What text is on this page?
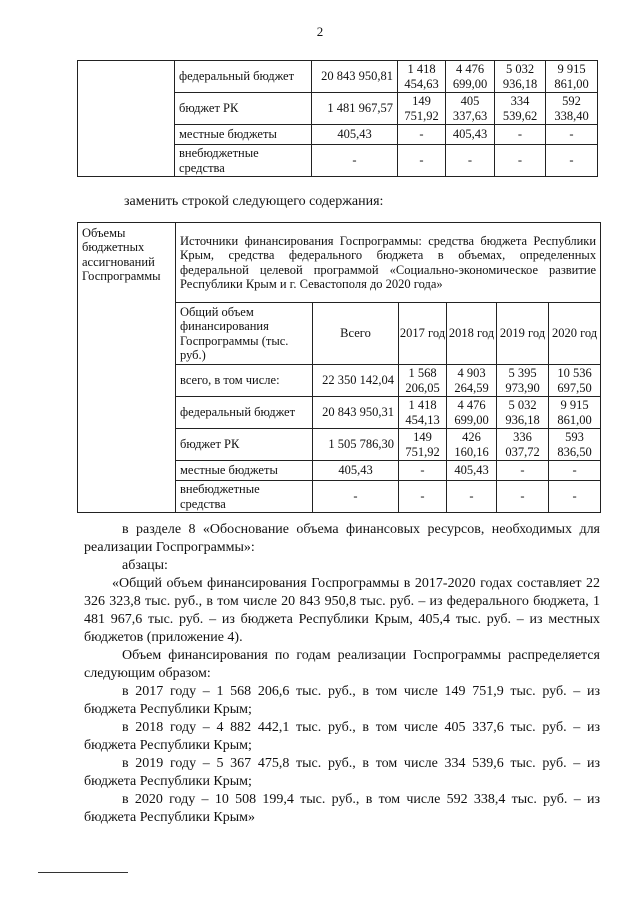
2
	федеральный бюджет	20 843 950,81	1 418 454,63	4 476 699,00	5 032 936,18	9 915 861,00
	бюджет РК	1 481 967,57	149 751,92	405 337,63	334 539,62	592 338,40
	местные бюджеты	405,43	-	405,43	-	-
	внебюджетные средства	-	-	-	-	-
заменить строкой следующего содержания:
Объемы бюджетных ассигнований Госпрограммы	Источники финансирования Госпрограммы: средства бюджета Республики Крым, средства федерального бюджета в объемах, определенных федеральной целевой программой «Социально-экономическое развитие Республики Крым и г. Севастополя до 2020 года»					
	Общий объем финансирования Госпрограммы (тыс. руб.)	Всего	2017 год	2018 год	2019 год	2020 год
	всего, в том числе:	22 350 142,04	1 568 206,05	4 903 264,59	5 395 973,90	10 536 697,50
	федеральный бюджет	20 843 950,31	1 418 454,13	4 476 699,00	5 032 936,18	9 915 861,00
	бюджет РК	1 505 786,30	149 751,92	426 160,16	336 037,72	593 836,50
	местные бюджеты	405,43	-	405,43	-	-
	внебюджетные средства	-	-	-	-	-

в разделе 8 «Обоснование объема финансовых ресурсов, необходимых для реализации Госпрограммы»:

абзацы:

«Общий объем финансирования Госпрограммы в 2017-2020 годах составляет 22 326 323,8 тыс. руб., в том числе 20 843 950,8 тыс. руб. – из федерального бюджета, 1 481 967,6 тыс. руб. – из бюджета Республики Крым, 405,4 тыс. руб. – из местных бюджетов (приложение 4).

Объем финансирования по годам реализации Госпрограммы распределяется следующим образом:

в 2017 году – 1 568 206,6 тыс. руб., в том числе 149 751,9 тыс. руб. – из бюджета Республики Крым;

в 2018 году – 4 882 442,1 тыс. руб., в том числе 405 337,6 тыс. руб. – из бюджета Республики Крым;

в 2019 году – 5 367 475,8 тыс. руб., в том числе 334 539,6 тыс. руб. – из бюджета Республики Крым;

в 2020 году – 10 508 199,4 тыс. руб., в том числе 592 338,4 тыс. руб. – из бюджета Республики Крым»
